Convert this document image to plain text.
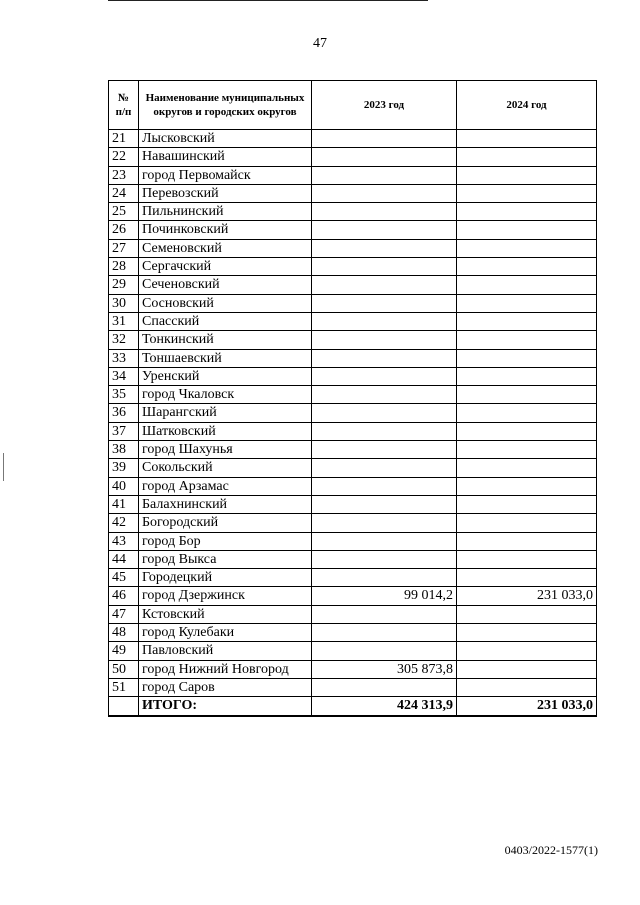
47
№ п/п	Наименование муниципальных округов и городских округов	2023 год	2024 год
21	Лысковский		
22	Навашинский		
23	город Первомайск		
24	Перевозский		
25	Пильнинский		
26	Починковский		
27	Семеновский		
28	Сергачский		
29	Сеченовский		
30	Сосновский		
31	Спасский		
32	Тонкинский		
33	Тоншаевский		
34	Уренский		
35	город Чкаловск		
36	Шарангский		
37	Шатковский		
38	город Шахунья		
39	Сокольский		
40	город Арзамас		
41	Балахнинский		
42	Богородский		
43	город Бор		
44	город Выкса		
45	Городецкий		
46	город Дзержинск	99 014,2	231 033,0
47	Кстовский		
48	город Кулебаки		
49	Павловский		
50	город Нижний Новгород	305 873,8	
51	город Саров		
	ИТОГО:	424 313,9	231 033,0
0403/2022-1577(1)
